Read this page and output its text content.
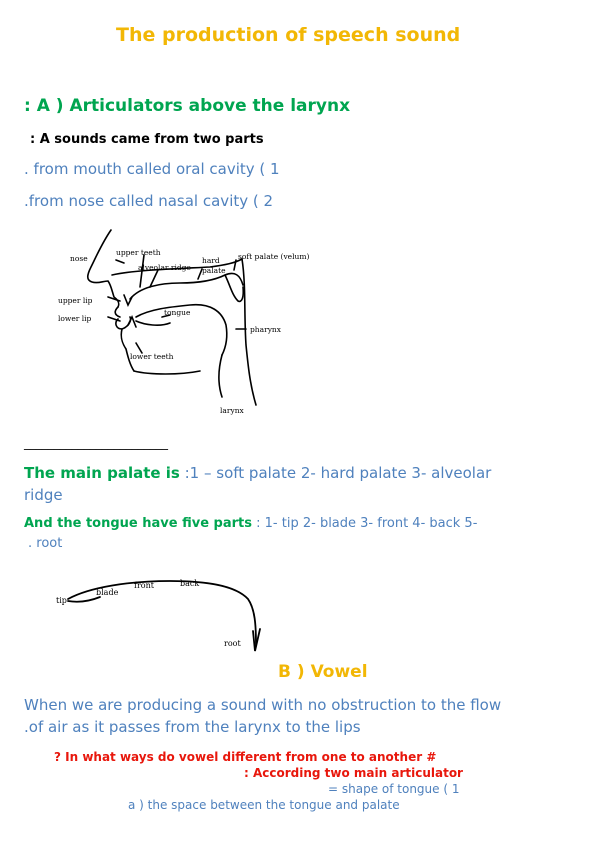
The production of speech sound
: A ) Articulators above the larynx
: A sounds came from two parts
. from mouth called oral cavity ( 1
.from nose called nasal cavity ( 2
nose
upper teeth
alveolar ridge
hard
palate
soft palate (velum)
upper lip
lower lip
tongue
pharynx
lower teeth
larynx
________________________
The main palate is :1 – soft palate 2- hard palate 3- alveolar
ridge
And the tongue have five parts : 1- tip 2- blade 3- front 4- back 5-
. root
tip
blade
front	back
root
B ) Vowel
When we are producing a sound with no obstruction to the flow
.of air as it passes from the larynx to the lips
? In what ways do vowel different from one to another #
: According two main articulator
= shape of tongue ( 1
a ) the space between the tongue and palate
